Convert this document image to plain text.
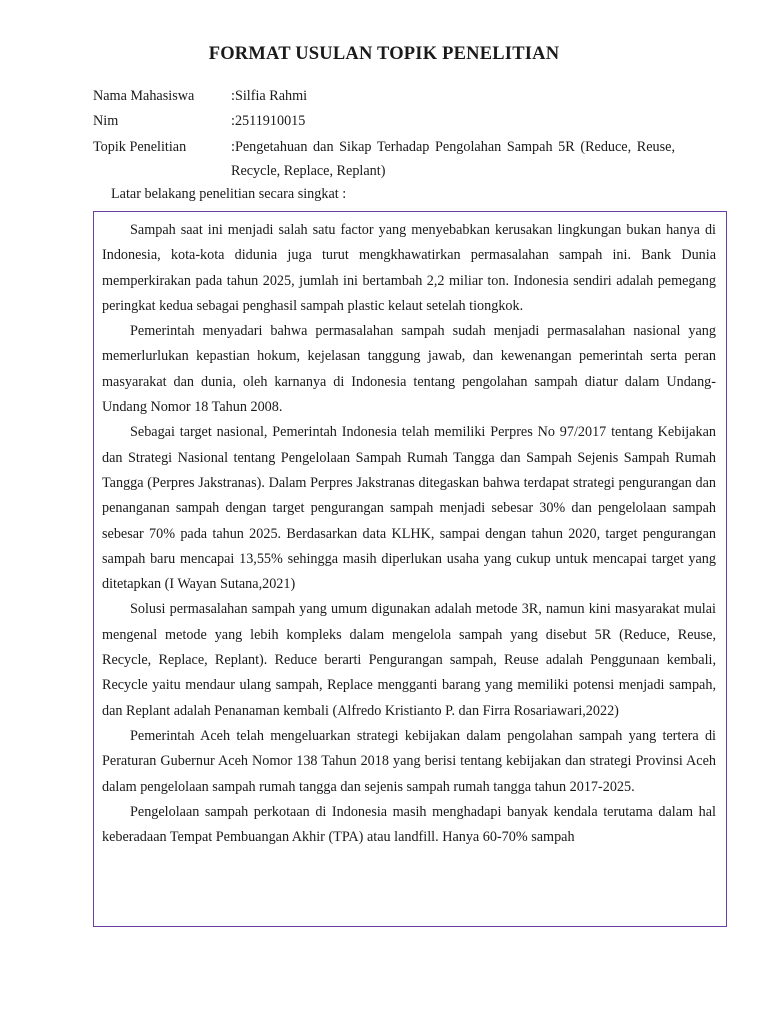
FORMAT USULAN TOPIK PENELITIAN
Nama Mahasiswa	:Silfia Rahmi
Nim	:2511910015
Topik Penelitian	:Pengetahuan dan Sikap Terhadap Pengolahan Sampah 5R (Reduce, Reuse, Recycle, Replace, Replant)
Latar belakang penelitian secara singkat :

Sampah saat ini menjadi salah satu factor yang menyebabkan kerusakan lingkungan bukan hanya di Indonesia, kota-kota didunia juga turut mengkhawatirkan permasalahan sampah ini. Bank Dunia memperkirakan pada tahun 2025, jumlah ini bertambah 2,2 miliar ton. Indonesia sendiri adalah pemegang peringkat kedua sebagai penghasil sampah plastic kelaut setelah tiongkok.

Pemerintah menyadari bahwa permasalahan sampah sudah menjadi permasalahan nasional yang memerlurlukan kepastian hokum, kejelasan tanggung jawab, dan kewenangan pemerintah serta peran masyarakat dan dunia, oleh karnanya di Indonesia tentang pengolahan sampah diatur dalam Undang-Undang Nomor 18 Tahun 2008.

Sebagai target nasional, Pemerintah Indonesia telah memiliki Perpres No 97/2017 tentang Kebijakan dan Strategi Nasional tentang Pengelolaan Sampah Rumah Tangga dan Sampah Sejenis Sampah Rumah Tangga (Perpres Jakstranas). Dalam Perpres Jakstranas ditegaskan bahwa terdapat strategi pengurangan dan penanganan sampah dengan target pengurangan sampah menjadi sebesar 30% dan pengelolaan sampah sebesar 70% pada tahun 2025. Berdasarkan data KLHK, sampai dengan tahun 2020, target pengurangan sampah baru mencapai 13,55% sehingga masih diperlukan usaha yang cukup untuk mencapai target yang ditetapkan (I Wayan Sutana,2021)

Solusi permasalahan sampah yang umum digunakan adalah metode 3R, namun kini masyarakat mulai mengenal metode yang lebih kompleks dalam mengelola sampah yang disebut 5R (Reduce, Reuse, Recycle, Replace, Replant). Reduce berarti Pengurangan sampah, Reuse adalah Penggunaan kembali, Recycle yaitu mendaur ulang sampah, Replace mengganti barang yang memiliki potensi menjadi sampah, dan Replant adalah Penanaman kembali (Alfredo Kristianto P. dan Firra Rosariawari,2022)

Pemerintah Aceh telah mengeluarkan strategi kebijakan dalam pengolahan sampah yang tertera di Peraturan Gubernur Aceh Nomor 138 Tahun 2018 yang berisi tentang kebijakan dan strategi Provinsi Aceh dalam pengelolaan sampah rumah tangga dan sejenis sampah rumah tangga tahun 2017-2025.

Pengelolaan sampah perkotaan di Indonesia masih menghadapi banyak kendala terutama dalam hal keberadaan Tempat Pembuangan Akhir (TPA) atau landfill. Hanya 60-70% sampah
